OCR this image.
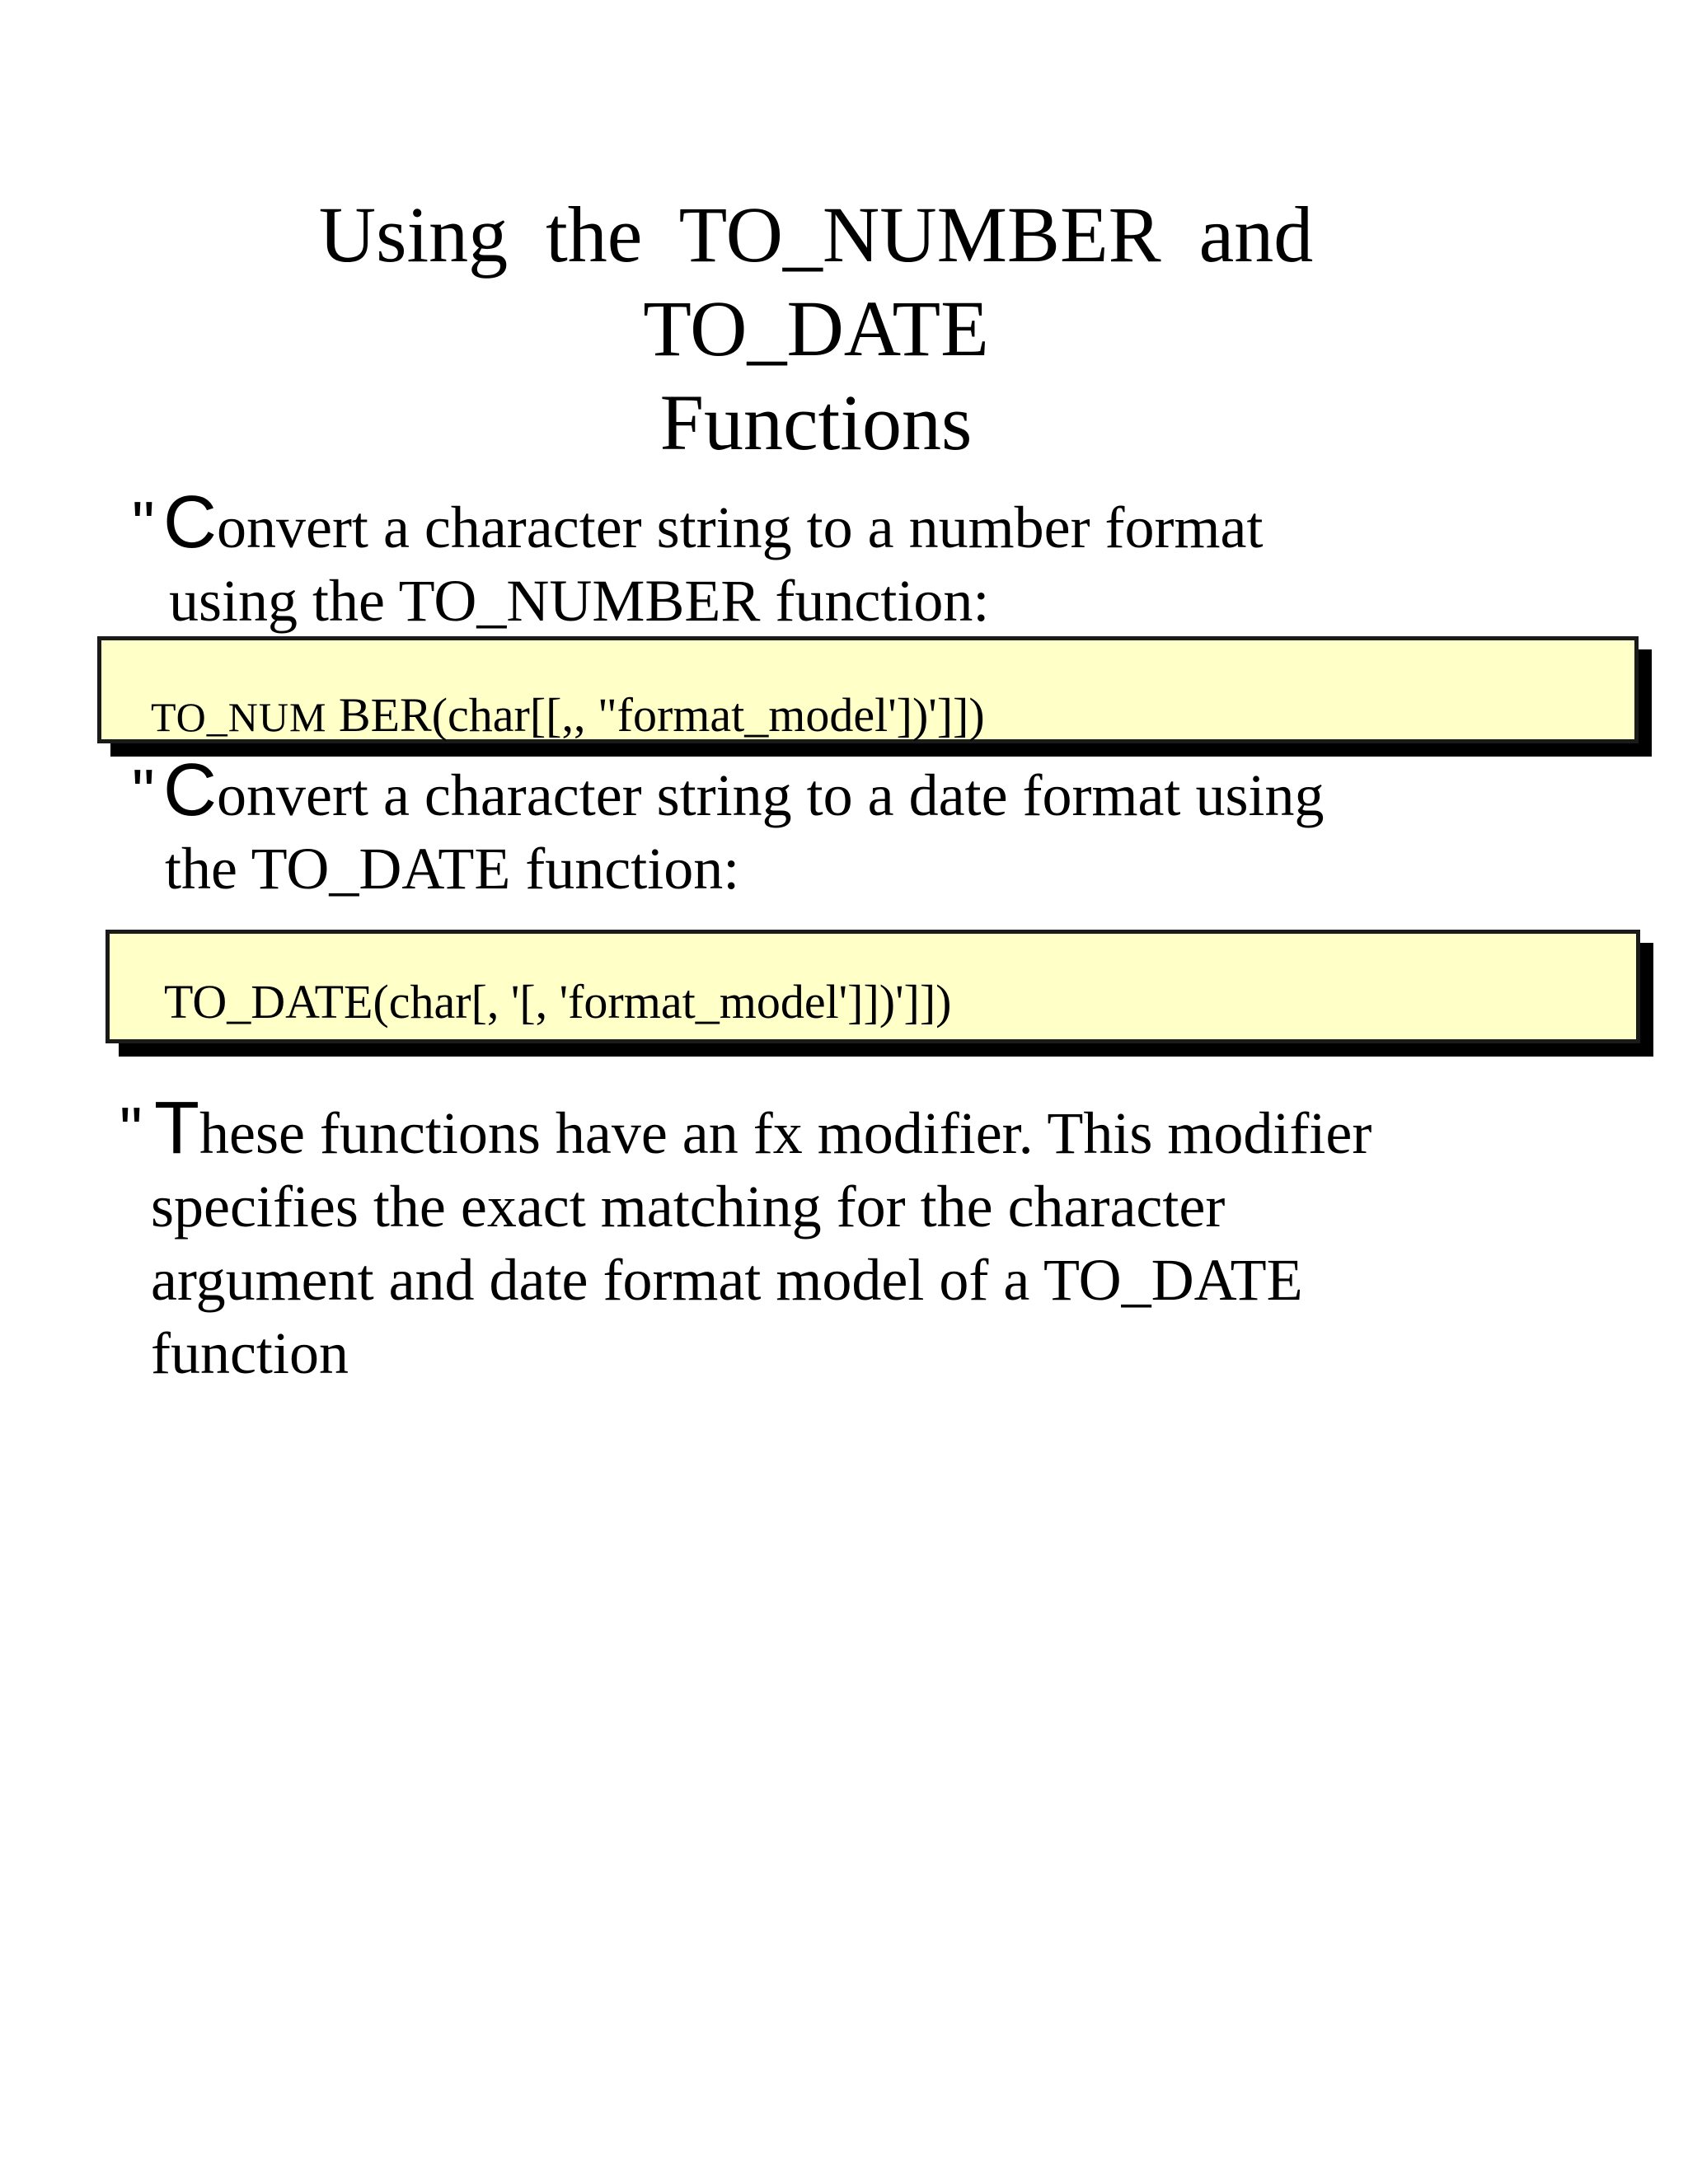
Using the TO_NUMBER and TO_DATE
Functions
" Convert a character string to a number format
using the TO_NUMBER function:
TO_NUM BER(char[[,, "format_model'])']])
" Convert a character string to a date format using
the TO_DATE function:
TO_DATE(char[, '[, 'format_model']])']])
" These functions have an fx modifier. This modifier
specifies the exact matching for the character
argument and date format model of a TO_DATE
function
